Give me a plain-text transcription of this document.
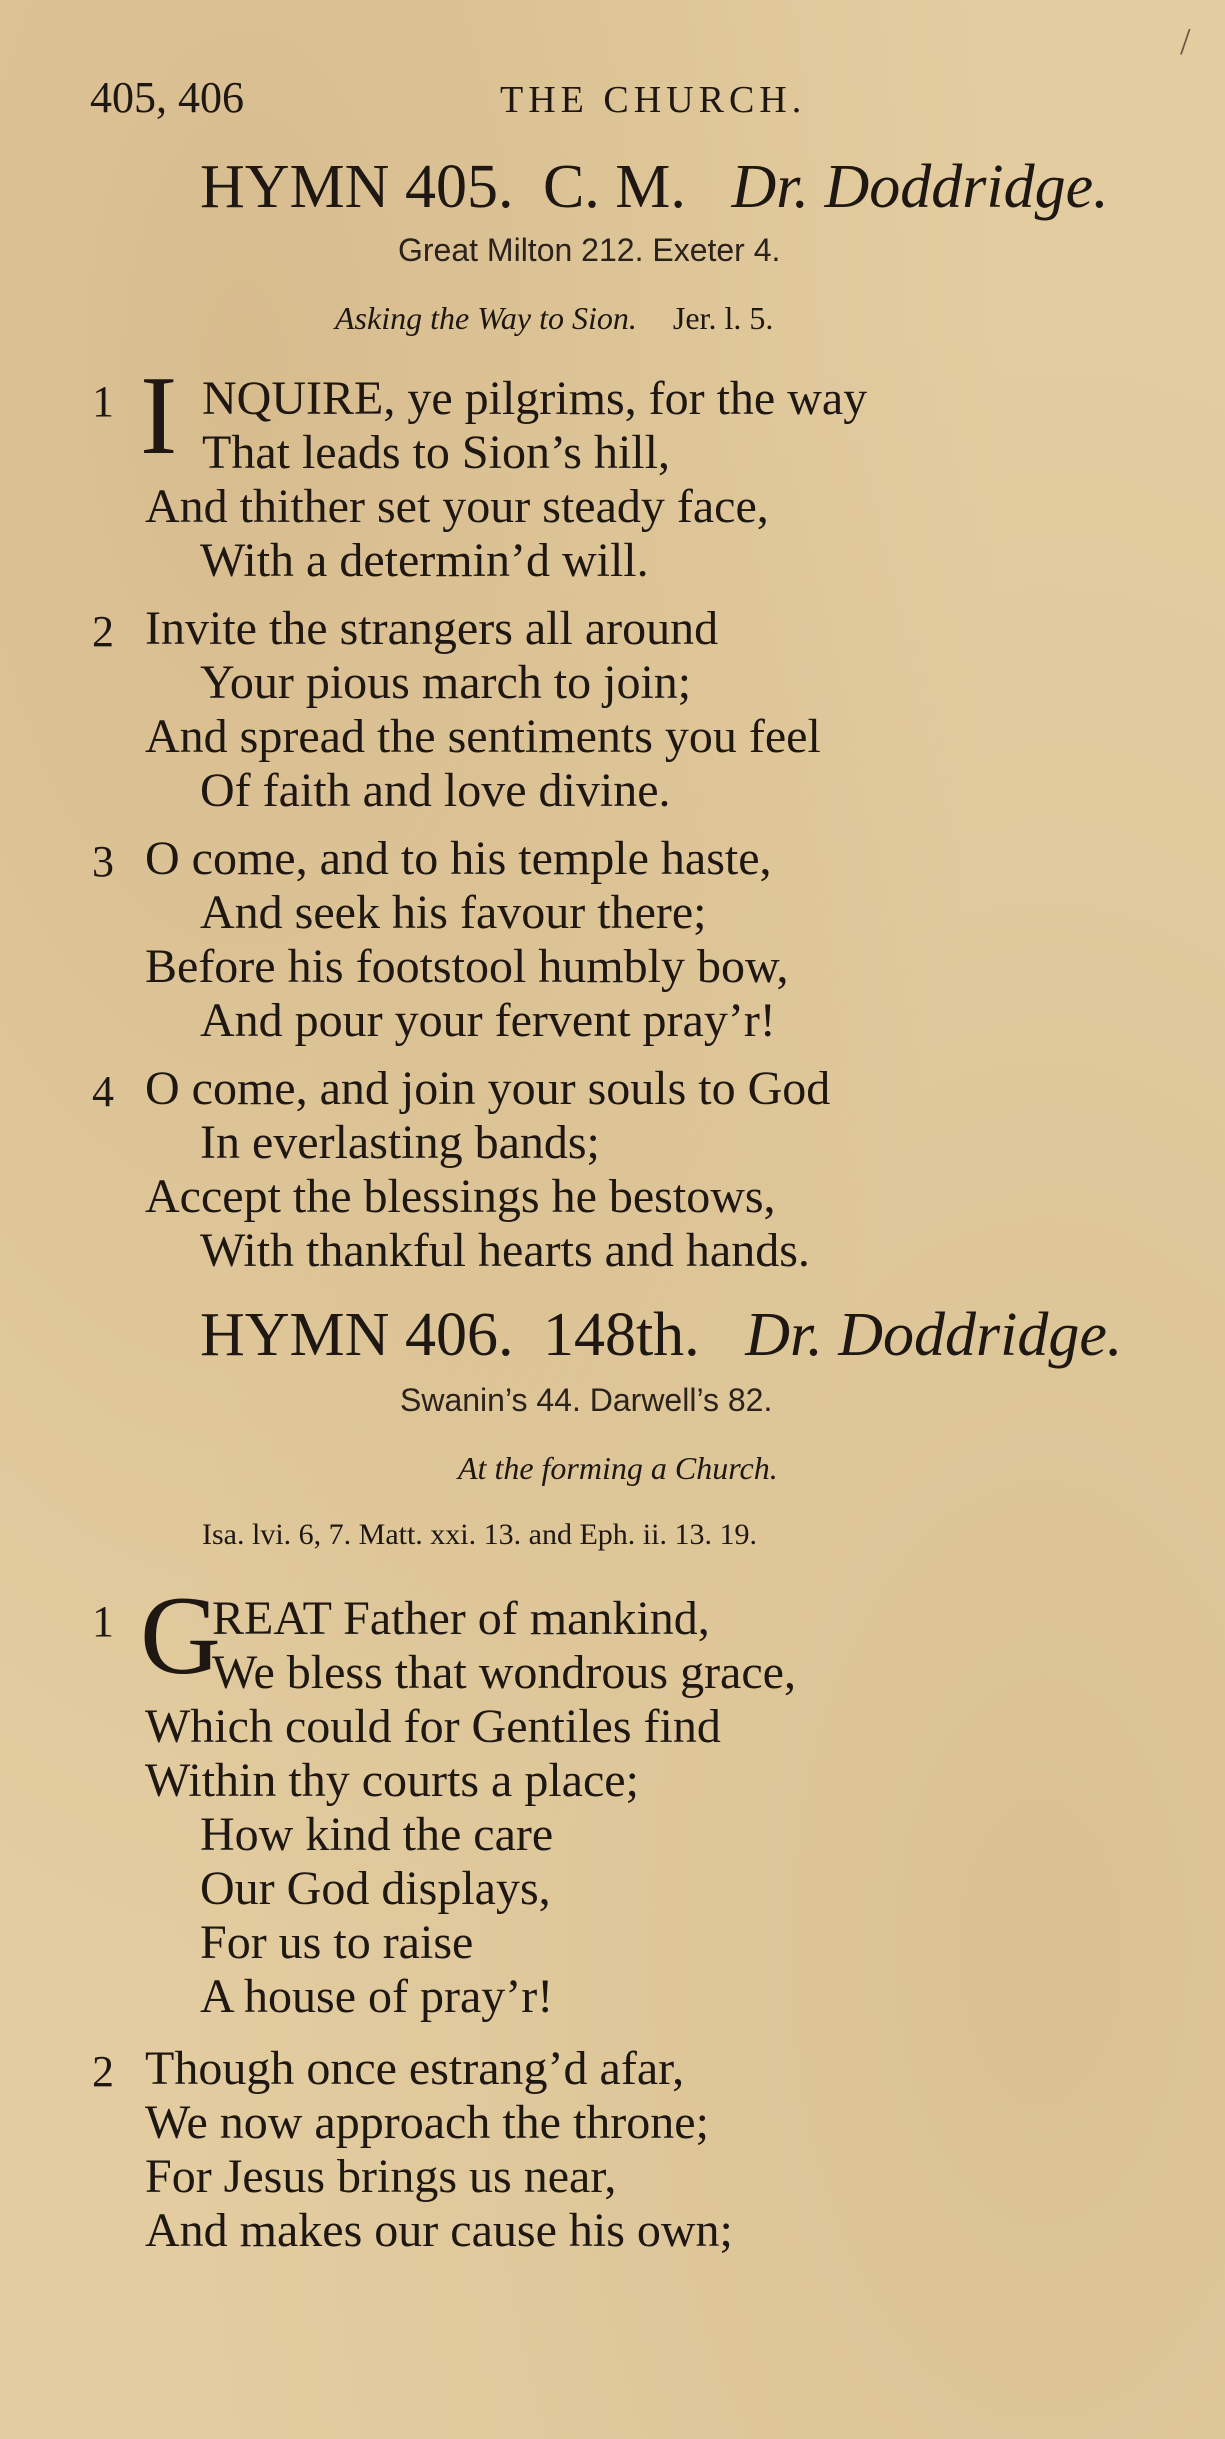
/
405, 406	THE CHURCH.
HYMN 405. C. M. Dr. Doddridge.
Great Milton 212. Exeter 4.
Asking the Way to Sion. Jer. l. 5.
1 I NQUIRE, ye pilgrims, for the way
That leads to Sion’s hill,
And thither set your steady face,
With a determin’d will.
2 Invite the strangers all around
Your pious march to join;
And spread the sentiments you feel
Of faith and love divine.
3 O come, and to his temple haste,
And seek his favour there;
Before his footstool humbly bow,
And pour your fervent pray’r!
4 O come, and join your souls to God
In everlasting bands;
Accept the blessings he bestows,
With thankful hearts and hands.
HYMN 406. 148th. Dr. Doddridge.
Swanin’s 44. Darwell’s 82.
At the forming a Church.
Isa. lvi. 6, 7. Matt. xxi. 13. and Eph. ii. 13. 19.
1 G
REAT Father of mankind,
We bless that wondrous grace,
Which could for Gentiles find
Within thy courts a place;
How kind the care
Our God displays,
For us to raise
A house of pray’r!
2 Though once estrang’d afar,
We now approach the throne;
For Jesus brings us near,
And makes our cause his own;
